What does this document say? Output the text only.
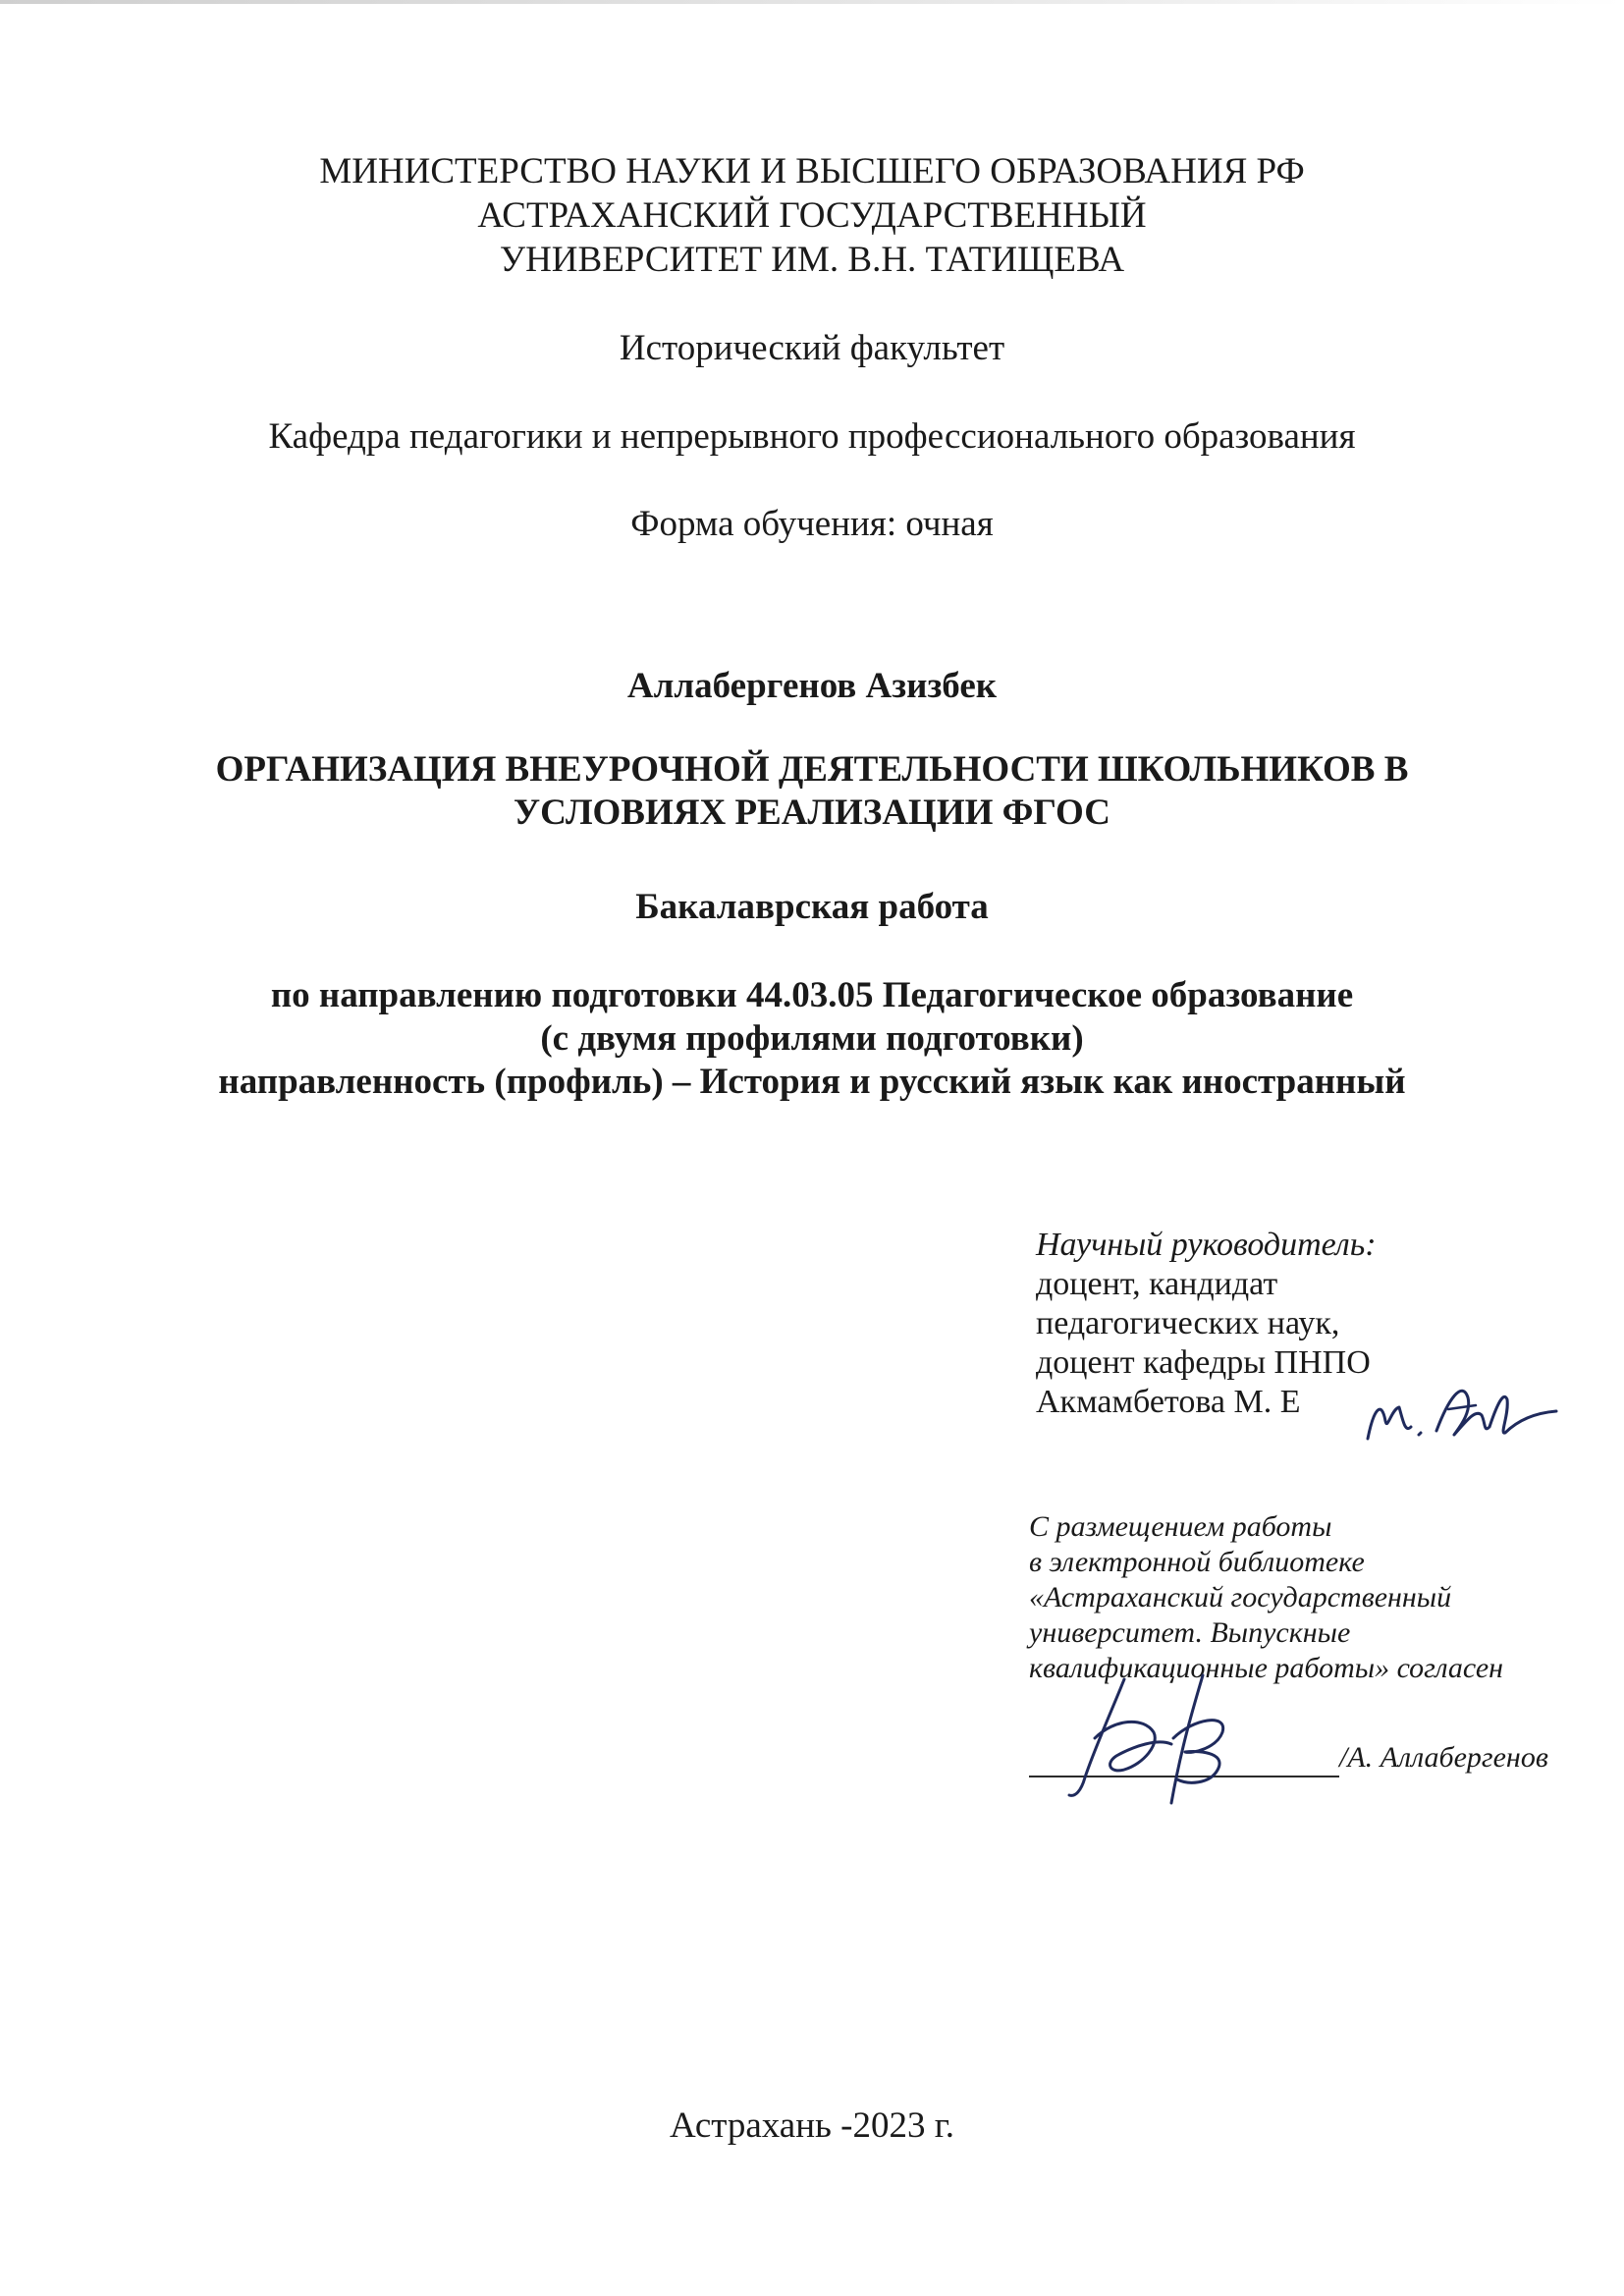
МИНИСТЕРСТВО НАУКИ И ВЫСШЕГО ОБРАЗОВАНИЯ РФ
АСТРАХАНСКИЙ ГОСУДАРСТВЕННЫЙ
УНИВЕРСИТЕТ ИМ. В.Н. ТАТИЩЕВА
Исторический факультет
Кафедра педагогики и непрерывного профессионального образования
Форма обучения: очная
Аллабергенов Азизбек
ОРГАНИЗАЦИЯ ВНЕУРОЧНОЙ ДЕЯТЕЛЬНОСТИ ШКОЛЬНИКОВ В
УСЛОВИЯХ РЕАЛИЗАЦИИ ФГОС
Бакалаврская работа
по направлению подготовки 44.03.05 Педагогическое образование
(с двумя профилями подготовки)
направленность (профиль) – История и русский язык как иностранный
Научный руководитель:
доцент, кандидат
педагогических наук,
доцент кафедры ПНПО
Акмамбетова М. Е
С размещением работы
в электронной библиотеке
«Астраханский государственный
университет. Выпускные
квалификационные работы» согласен
/А. Аллабергенов
Астрахань -2023 г.
